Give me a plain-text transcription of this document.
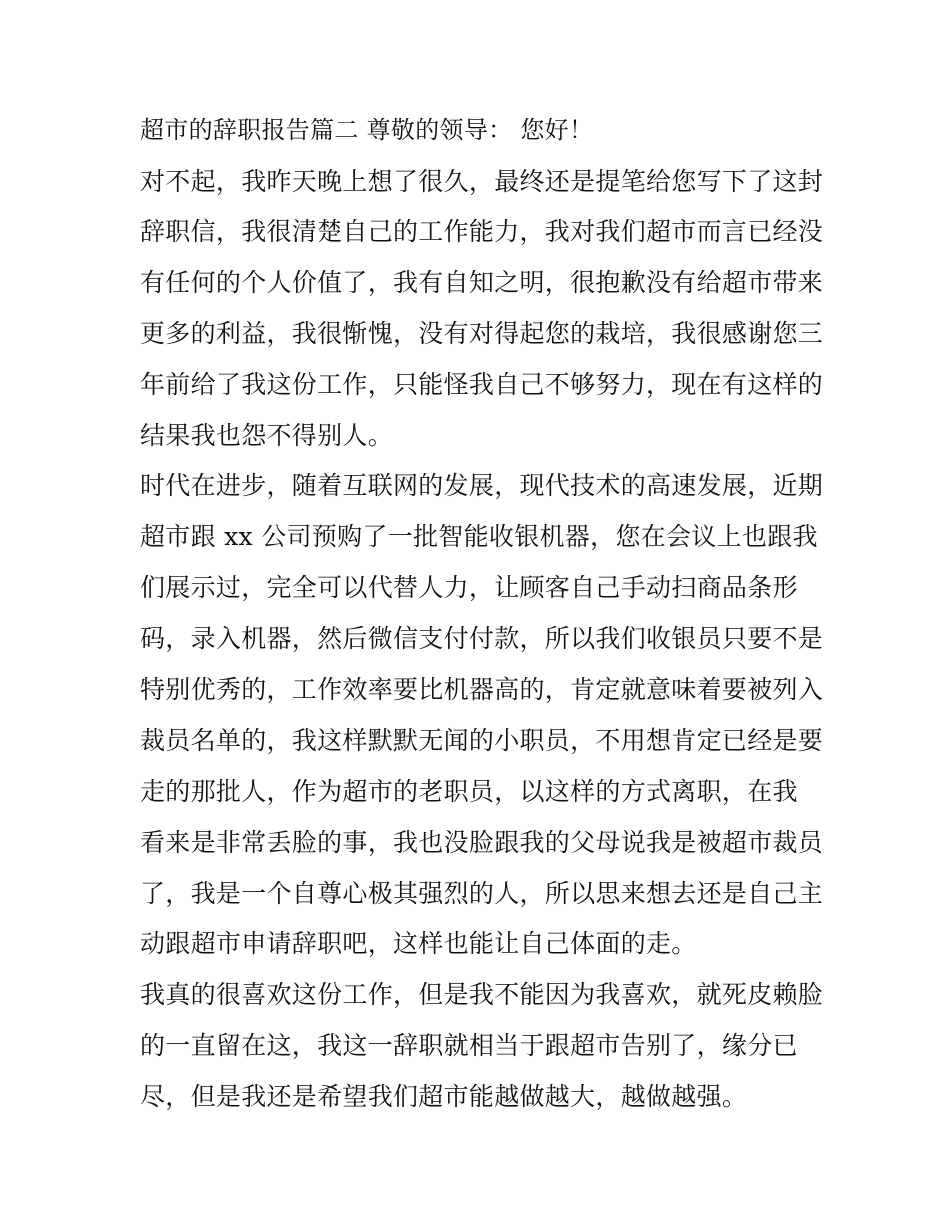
超市的辞职报告篇二 尊敬的领导： 您好！
对不起，我昨天晚上想了很久，最终还是提笔给您写下了这封
辞职信，我很清楚自己的工作能力，我对我们超市而言已经没
有任何的个人价值了，我有自知之明，很抱歉没有给超市带来
更多的利益，我很惭愧，没有对得起您的栽培，我很感谢您三
年前给了我这份工作，只能怪我自己不够努力，现在有这样的
结果我也怨不得别人。
时代在进步，随着互联网的发展，现代技术的高速发展，近期
超市跟 xx 公司预购了一批智能收银机器，您在会议上也跟我
们展示过，完全可以代替人力，让顾客自己手动扫商品条形
码，录入机器，然后微信支付付款，所以我们收银员只要不是
特别优秀的，工作效率要比机器高的，肯定就意味着要被列入
裁员名单的，我这样默默无闻的小职员，不用想肯定已经是要
走的那批人，作为超市的老职员，以这样的方式离职，在我
看来是非常丢脸的事，我也没脸跟我的父母说我是被超市裁员
了，我是一个自尊心极其强烈的人，所以思来想去还是自己主
动跟超市申请辞职吧，这样也能让自己体面的走。
我真的很喜欢这份工作，但是我不能因为我喜欢，就死皮赖脸
的一直留在这，我这一辞职就相当于跟超市告别了，缘分已
尽，但是我还是希望我们超市能越做越大，越做越强。
